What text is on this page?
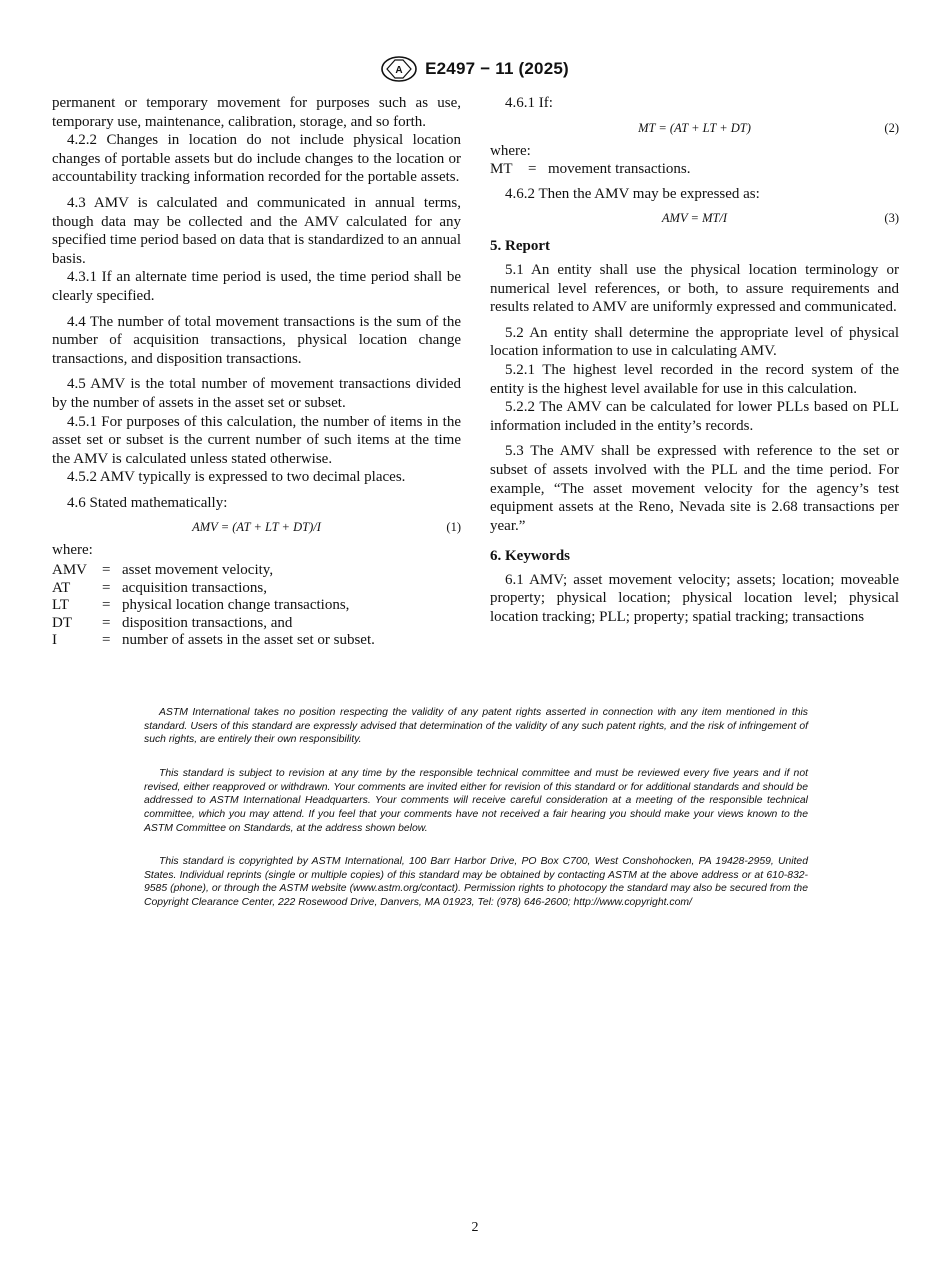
A E2497 − 11 (2025)

permanent or temporary movement for purposes such as use, temporary use, maintenance, calibration, storage, and so forth.

4.2.2 Changes in location do not include physical location changes of portable assets but do include changes to the location or accountability tracking information recorded for the portable assets.

4.3 AMV is calculated and communicated in annual terms, though data may be collected and the AMV calculated for any specified time period based on data that is standardized to an annual basis.

4.3.1 If an alternate time period is used, the time period shall be clearly specified.

4.4 The number of total movement transactions is the sum of the number of acquisition transactions, physical location change transactions, and disposition transactions.

4.5 AMV is the total number of movement transactions divided by the number of assets in the asset set or subset.

4.5.1 For purposes of this calculation, the number of items in the asset set or subset is the current number of such items at the time the AMV is calculated unless stated otherwise.

4.5.2 AMV typically is expressed to two decimal places.

4.6 Stated mathematically:

AMV = (AT + LT + DT)/I	(1)

where:

AMV	=	asset movement velocity,
AT	=	acquisition transactions,
LT	=	physical location change transactions,
DT	=	disposition transactions, and
I	=	number of assets in the asset set or subset.

4.6.1 If:

MT = (AT + LT + DT)	(2)

where:

MT	= movement transactions.

4.6.2 Then the AMV may be expressed as:

AMV = MT/I	(3)
5. Report

5.1 An entity shall use the physical location terminology or numerical level references, or both, to assure requirements and results related to AMV are uniformly expressed and communicated.

5.2 An entity shall determine the appropriate level of physical location information to use in calculating AMV.

5.2.1 The highest level recorded in the record system of the entity is the highest level available for use in this calculation.

5.2.2 The AMV can be calculated for lower PLLs based on PLL information included in the entity’s records.

5.3 The AMV shall be expressed with reference to the set or subset of assets involved with the PLL and the time period. For example, “The asset movement velocity for the agency’s test equipment assets at the Reno, Nevada site is 2.68 transactions per year.”

6. Keywords

6.1 AMV; asset movement velocity; assets; location; moveable property; physical location; physical location level; physical location tracking; PLL; property; spatial tracking; transactions

ASTM International takes no position respecting the validity of any patent rights asserted in connection with any item mentioned in this standard. Users of this standard are expressly advised that determination of the validity of any such patent rights, and the risk of infringement of such rights, are entirely their own responsibility.
This standard is subject to revision at any time by the responsible technical committee and must be reviewed every five years and if not revised, either reapproved or withdrawn. Your comments are invited either for revision of this standard or for additional standards and should be addressed to ASTM International Headquarters. Your comments will receive careful consideration at a meeting of the responsible technical committee, which you may attend. If you feel that your comments have not received a fair hearing you should make your views known to the ASTM Committee on Standards, at the address shown below.
This standard is copyrighted by ASTM International, 100 Barr Harbor Drive, PO Box C700, West Conshohocken, PA 19428-2959, United States. Individual reprints (single or multiple copies) of this standard may be obtained by contacting ASTM at the above address or at 610-832-9585 (phone), or through the ASTM website (www.astm.org/contact). Permission rights to photocopy the standard may also be secured from the Copyright Clearance Center, 222 Rosewood Drive, Danvers, MA 01923, Tel: (978) 646-2600; http://www.copyright.com/
2
